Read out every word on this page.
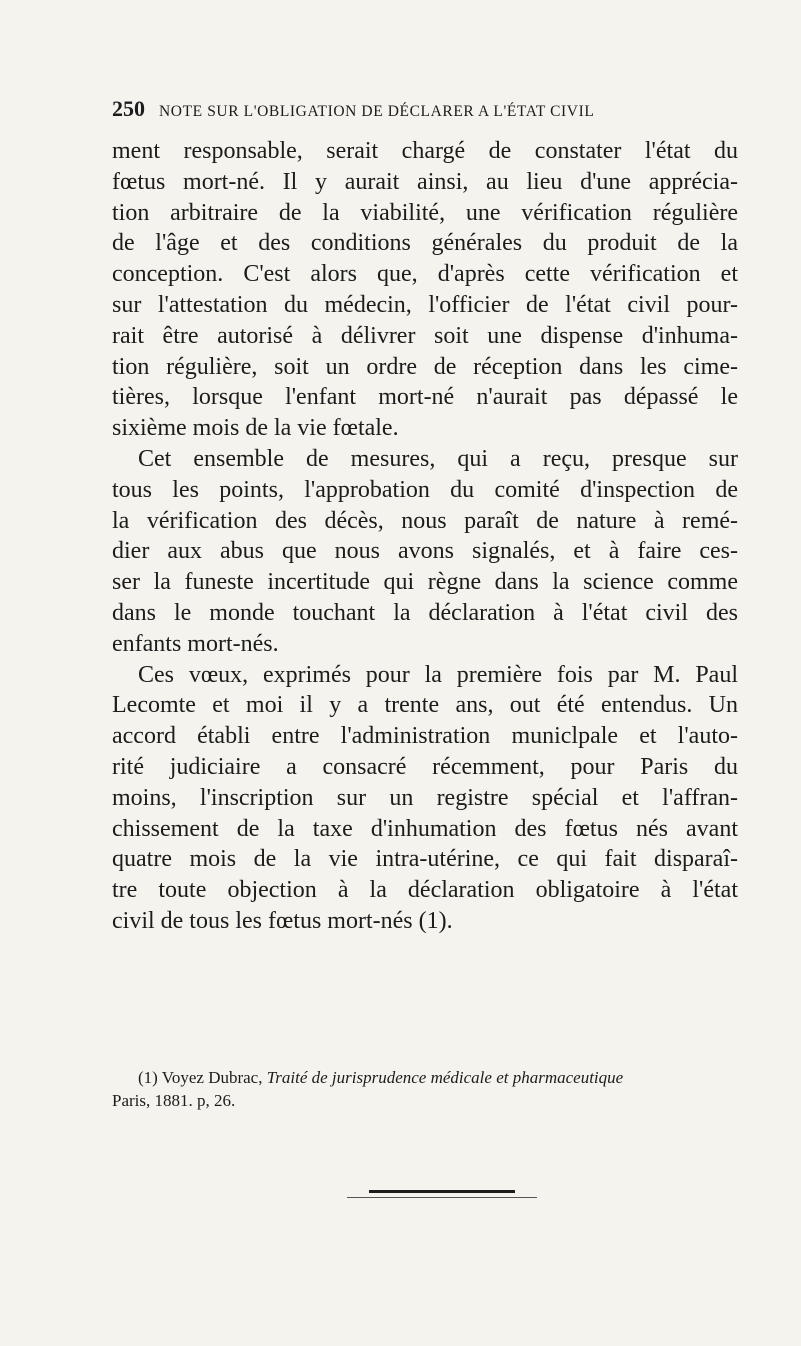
250 NOTE SUR L'OBLIGATION DE DÉCLARER A L'ÉTAT CIVIL
ment responsable, serait chargé de constater l'état du
fœtus mort-né. Il y aurait ainsi, au lieu d'une apprécia-
tion arbitraire de la viabilité, une vérification régulière
de l'âge et des conditions générales du produit de la
conception. C'est alors que, d'après cette vérification et
sur l'attestation du médecin, l'officier de l'état civil pour-
rait être autorisé à délivrer soit une dispense d'inhuma-
tion régulière, soit un ordre de réception dans les cime-
tières, lorsque l'enfant mort-né n'aurait pas dépassé le
sixième mois de la vie fœtale.
Cet ensemble de mesures, qui a reçu, presque sur
tous les points, l'approbation du comité d'inspection de
la vérification des décès, nous paraît de nature à remé-
dier aux abus que nous avons signalés, et à faire ces-
ser la funeste incertitude qui règne dans la science comme
dans le monde touchant la déclaration à l'état civil des
enfants mort-nés.
Ces vœux, exprimés pour la première fois par M. Paul
Lecomte et moi il y a trente ans, out été entendus. Un
accord établi entre l'administration municlpale et l'auto-
rité judiciaire a consacré récemment, pour Paris du
moins, l'inscription sur un registre spécial et l'affran-
chissement de la taxe d'inhumation des fœtus nés avant
quatre mois de la vie intra-utérine, ce qui fait disparaî-
tre toute objection à la déclaration obligatoire à l'état
civil de tous les fœtus mort-nés (1).
(1) Voyez Dubrac, Traité de jurisprudence médicale et pharmaceutique
Paris, 1881. p, 26.
